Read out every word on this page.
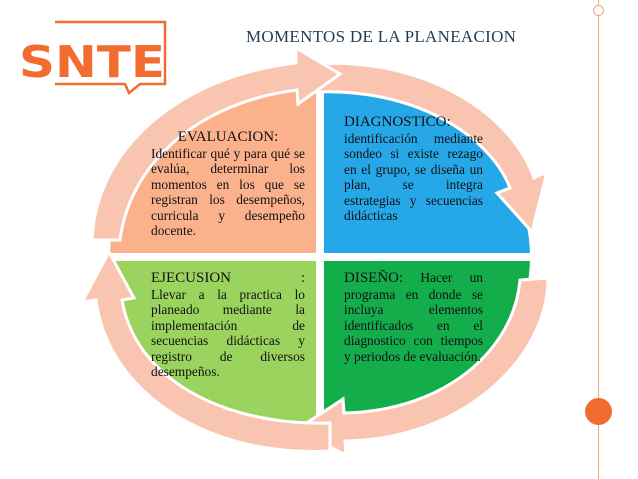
SNTE
MOMENTOS DE LA PLANEACION
EVALUACION:
Identificar qué y para qué se evalúa, determinar los momentos en los que se registran los desempeños, curricula y desempeño docente.
DIAGNOSTICO:
identificación mediante sondeo si existe rezago en el grupo, se diseña un plan, se integra estrategias y secuencias didácticas
EJECUSION :
Llevar a la practica lo planeado mediante la implementación de secuencias didácticas y registro de diversos desempeños.
DISEÑO: Hacer un programa en donde se incluya elementos identificados en el diagnostico con tiempos y periodos de evaluación.
